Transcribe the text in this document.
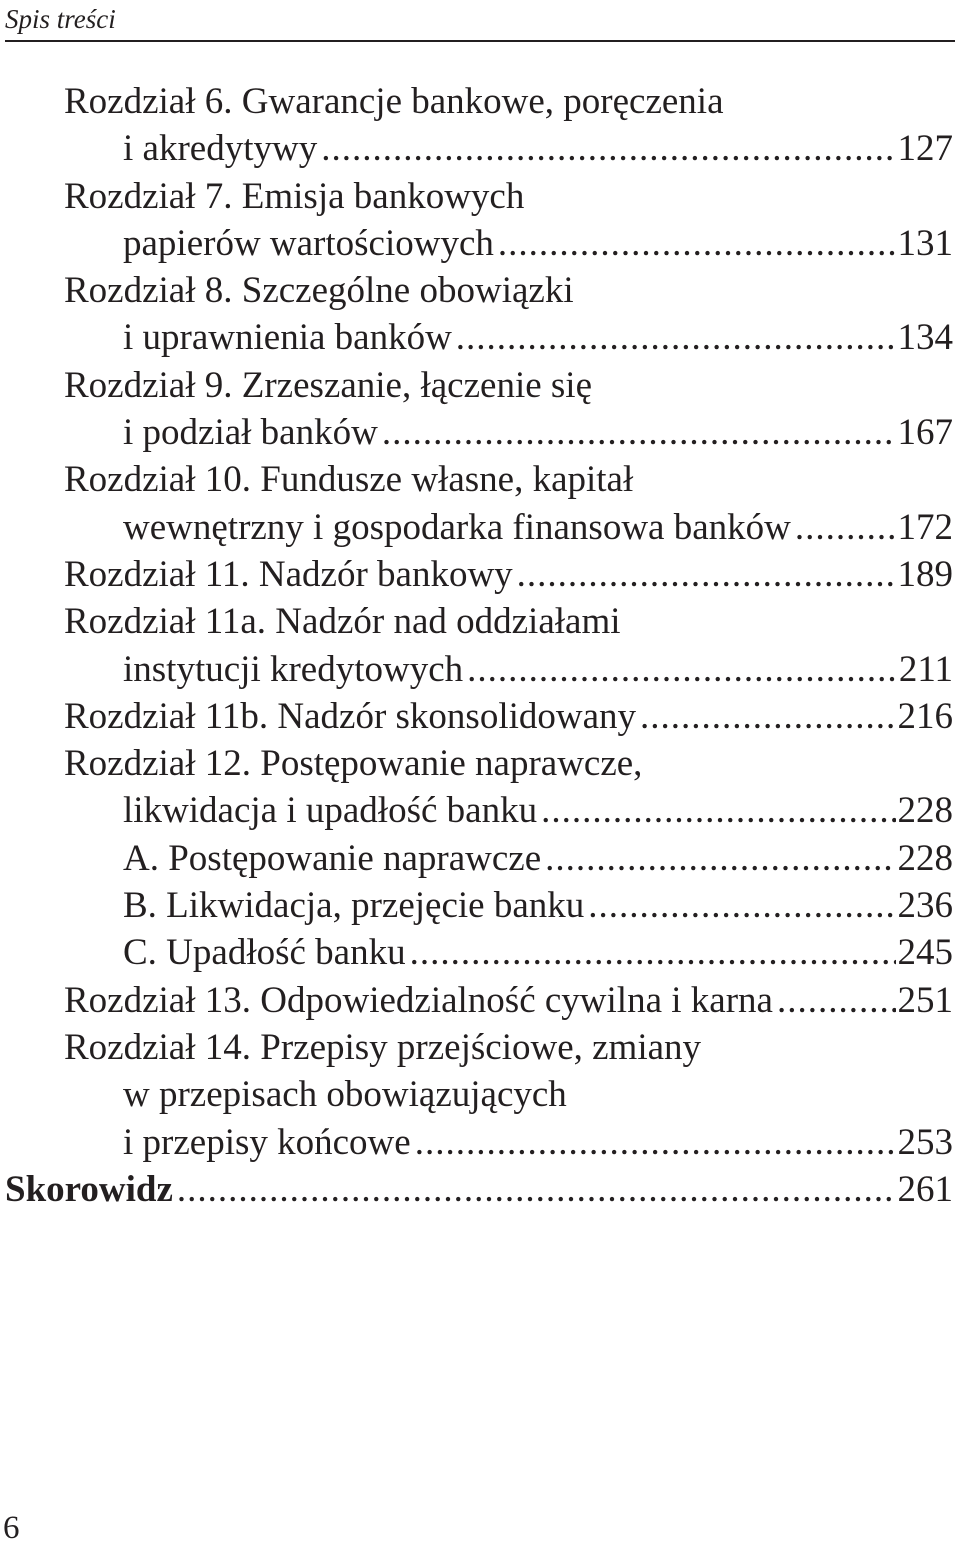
Spis treści
Rozdział 6. Gwarancje bankowe, poręczenia
i akredytywy .....	127
Rozdział 7. Emisja bankowych
papierów wartościowych .....	131
Rozdział 8. Szczególne obowiązki
i uprawnienia banków .....	134
Rozdział 9. Zrzeszanie, łączenie się
i podział banków .....	167
Rozdział 10. Fundusze własne, kapitał
wewnętrzny i gospodarka finansowa banków .....	172
Rozdział 11. Nadzór bankowy .....	189
Rozdział 11a. Nadzór nad oddziałami
instytucji kredytowych .....	211
Rozdział 11b. Nadzór skonsolidowany .....	216
Rozdział 12. Postępowanie naprawcze,
likwidacja i upadłość banku .....	228
A. Postępowanie naprawcze .....	228
B. Likwidacja, przejęcie banku .....	236
C. Upadłość banku .....	245
Rozdział 13. Odpowiedzialność cywilna i karna .....	251
Rozdział 14. Przepisy przejściowe, zmiany
w przepisach obowiązujących
i przepisy końcowe .....	253
Skorowidz .....	261
6
